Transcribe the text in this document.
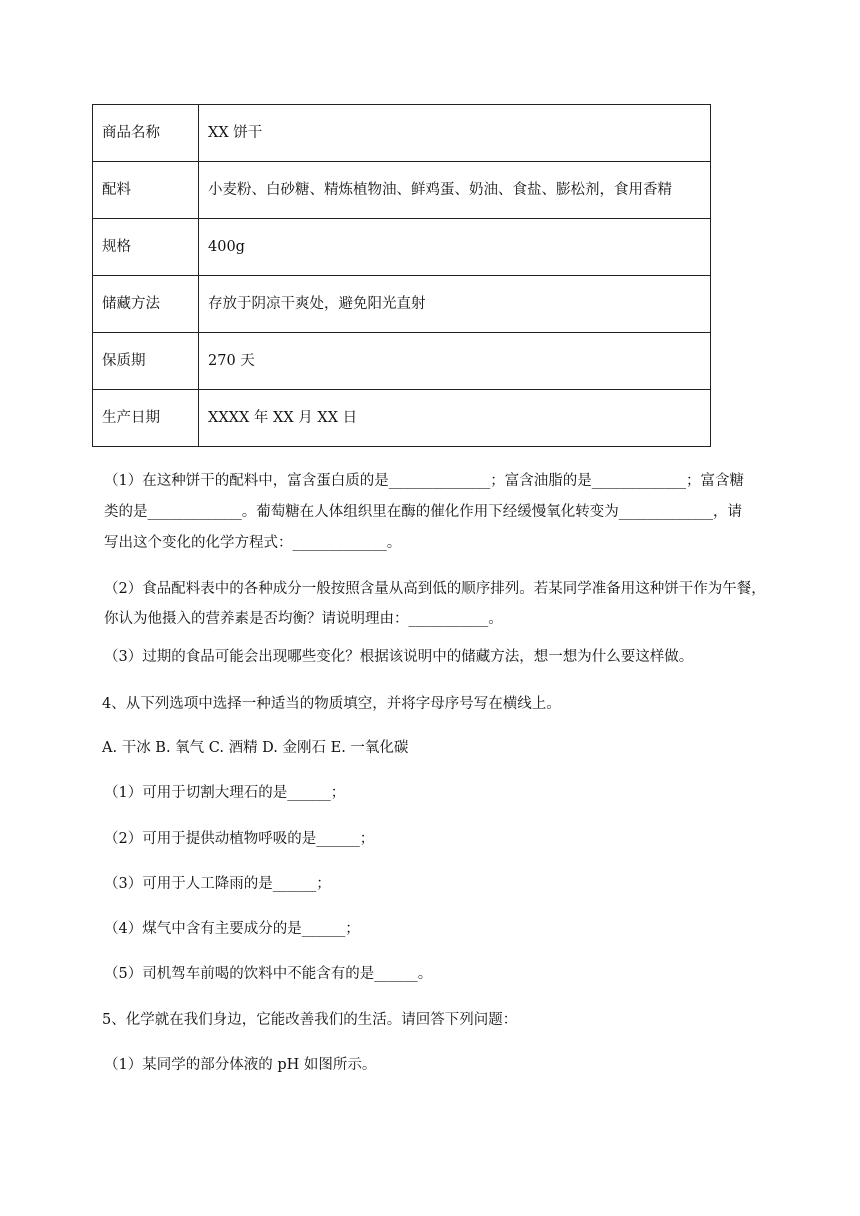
商品名称	XX 饼干
配料	小麦粉、白砂糖、精炼植物油、鲜鸡蛋、奶油、食盐、膨松剂，食用香精
规格	400g
储藏方法	存放于阴凉干爽处，避免阳光直射
保质期	270 天
生产日期	XXXX 年 XX 月 XX 日
（1）在这种饼干的配料中，富含蛋白质的是______________；富含油脂的是_____________；富含糖
类的是_____________。葡萄糖在人体组织里在酶的催化作用下经缓慢氧化转变为_____________，请
写出这个变化的化学方程式：_____________。
（2）食品配料表中的各种成分一般按照含量从高到低的顺序排列。若某同学准备用这种饼干作为午餐，
你认为他摄入的营养素是否均衡？请说明理由：___________。
（3）过期的食品可能会出现哪些变化？根据该说明中的储藏方法，想一想为什么要这样做。
4、从下列选项中选择一种适当的物质填空，并将字母序号写在横线上。
A. 干冰 B. 氧气 C. 酒精 D. 金刚石 E. 一氧化碳
（1）可用于切割大理石的是______；
（2）可用于提供动植物呼吸的是______；
（3）可用于人工降雨的是______；
（4）煤气中含有主要成分的是______；
（5）司机驾车前喝的饮料中不能含有的是______。
5、化学就在我们身边，它能改善我们的生活。请回答下列问题：
（1）某同学的部分体液的 pH 如图所示。
